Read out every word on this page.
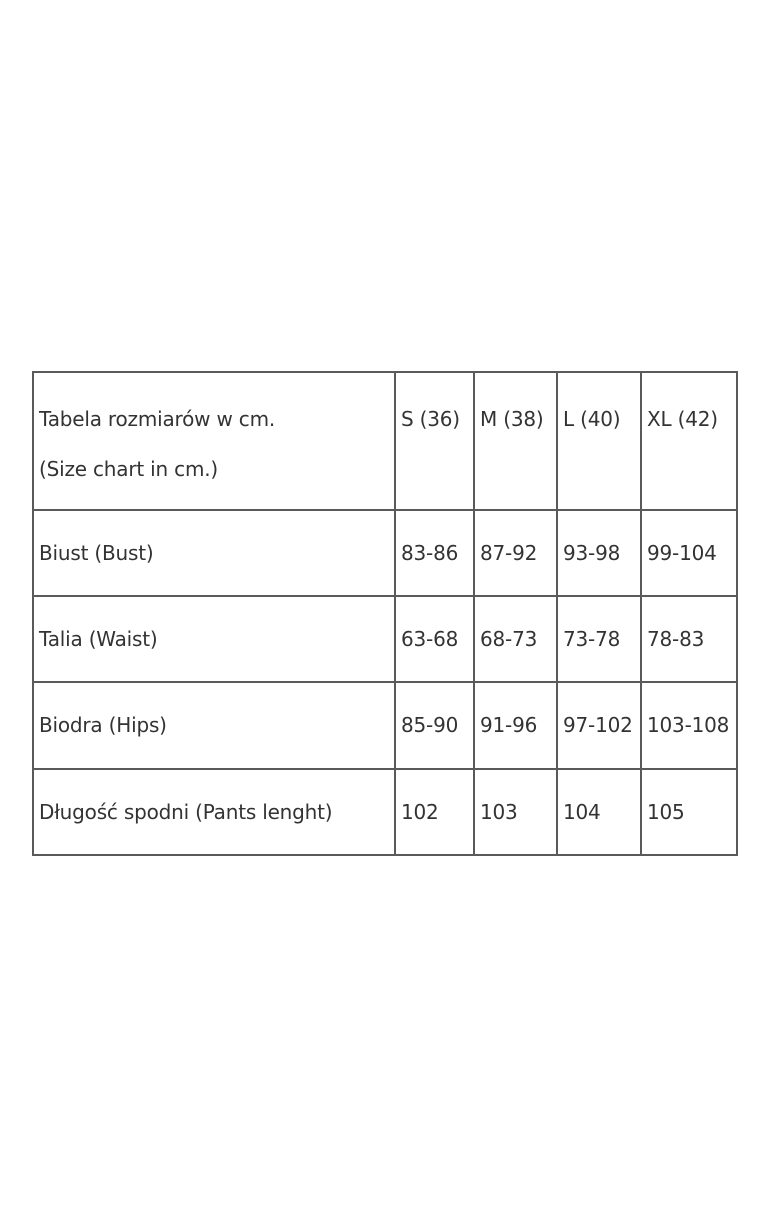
Tabela rozmiarów w cm.
(Size chart in cm.)	S (36)	M (38)	L (40)	XL (42)

Biust (Bust)	83-86	87-92	93-98	99-104
Talia (Waist)	63-68	68-73	73-78	78-83
Biodra (Hips)	85-90	91-96	97-102	103-108
Długość spodni (Pants lenght)	102	103	104	105
